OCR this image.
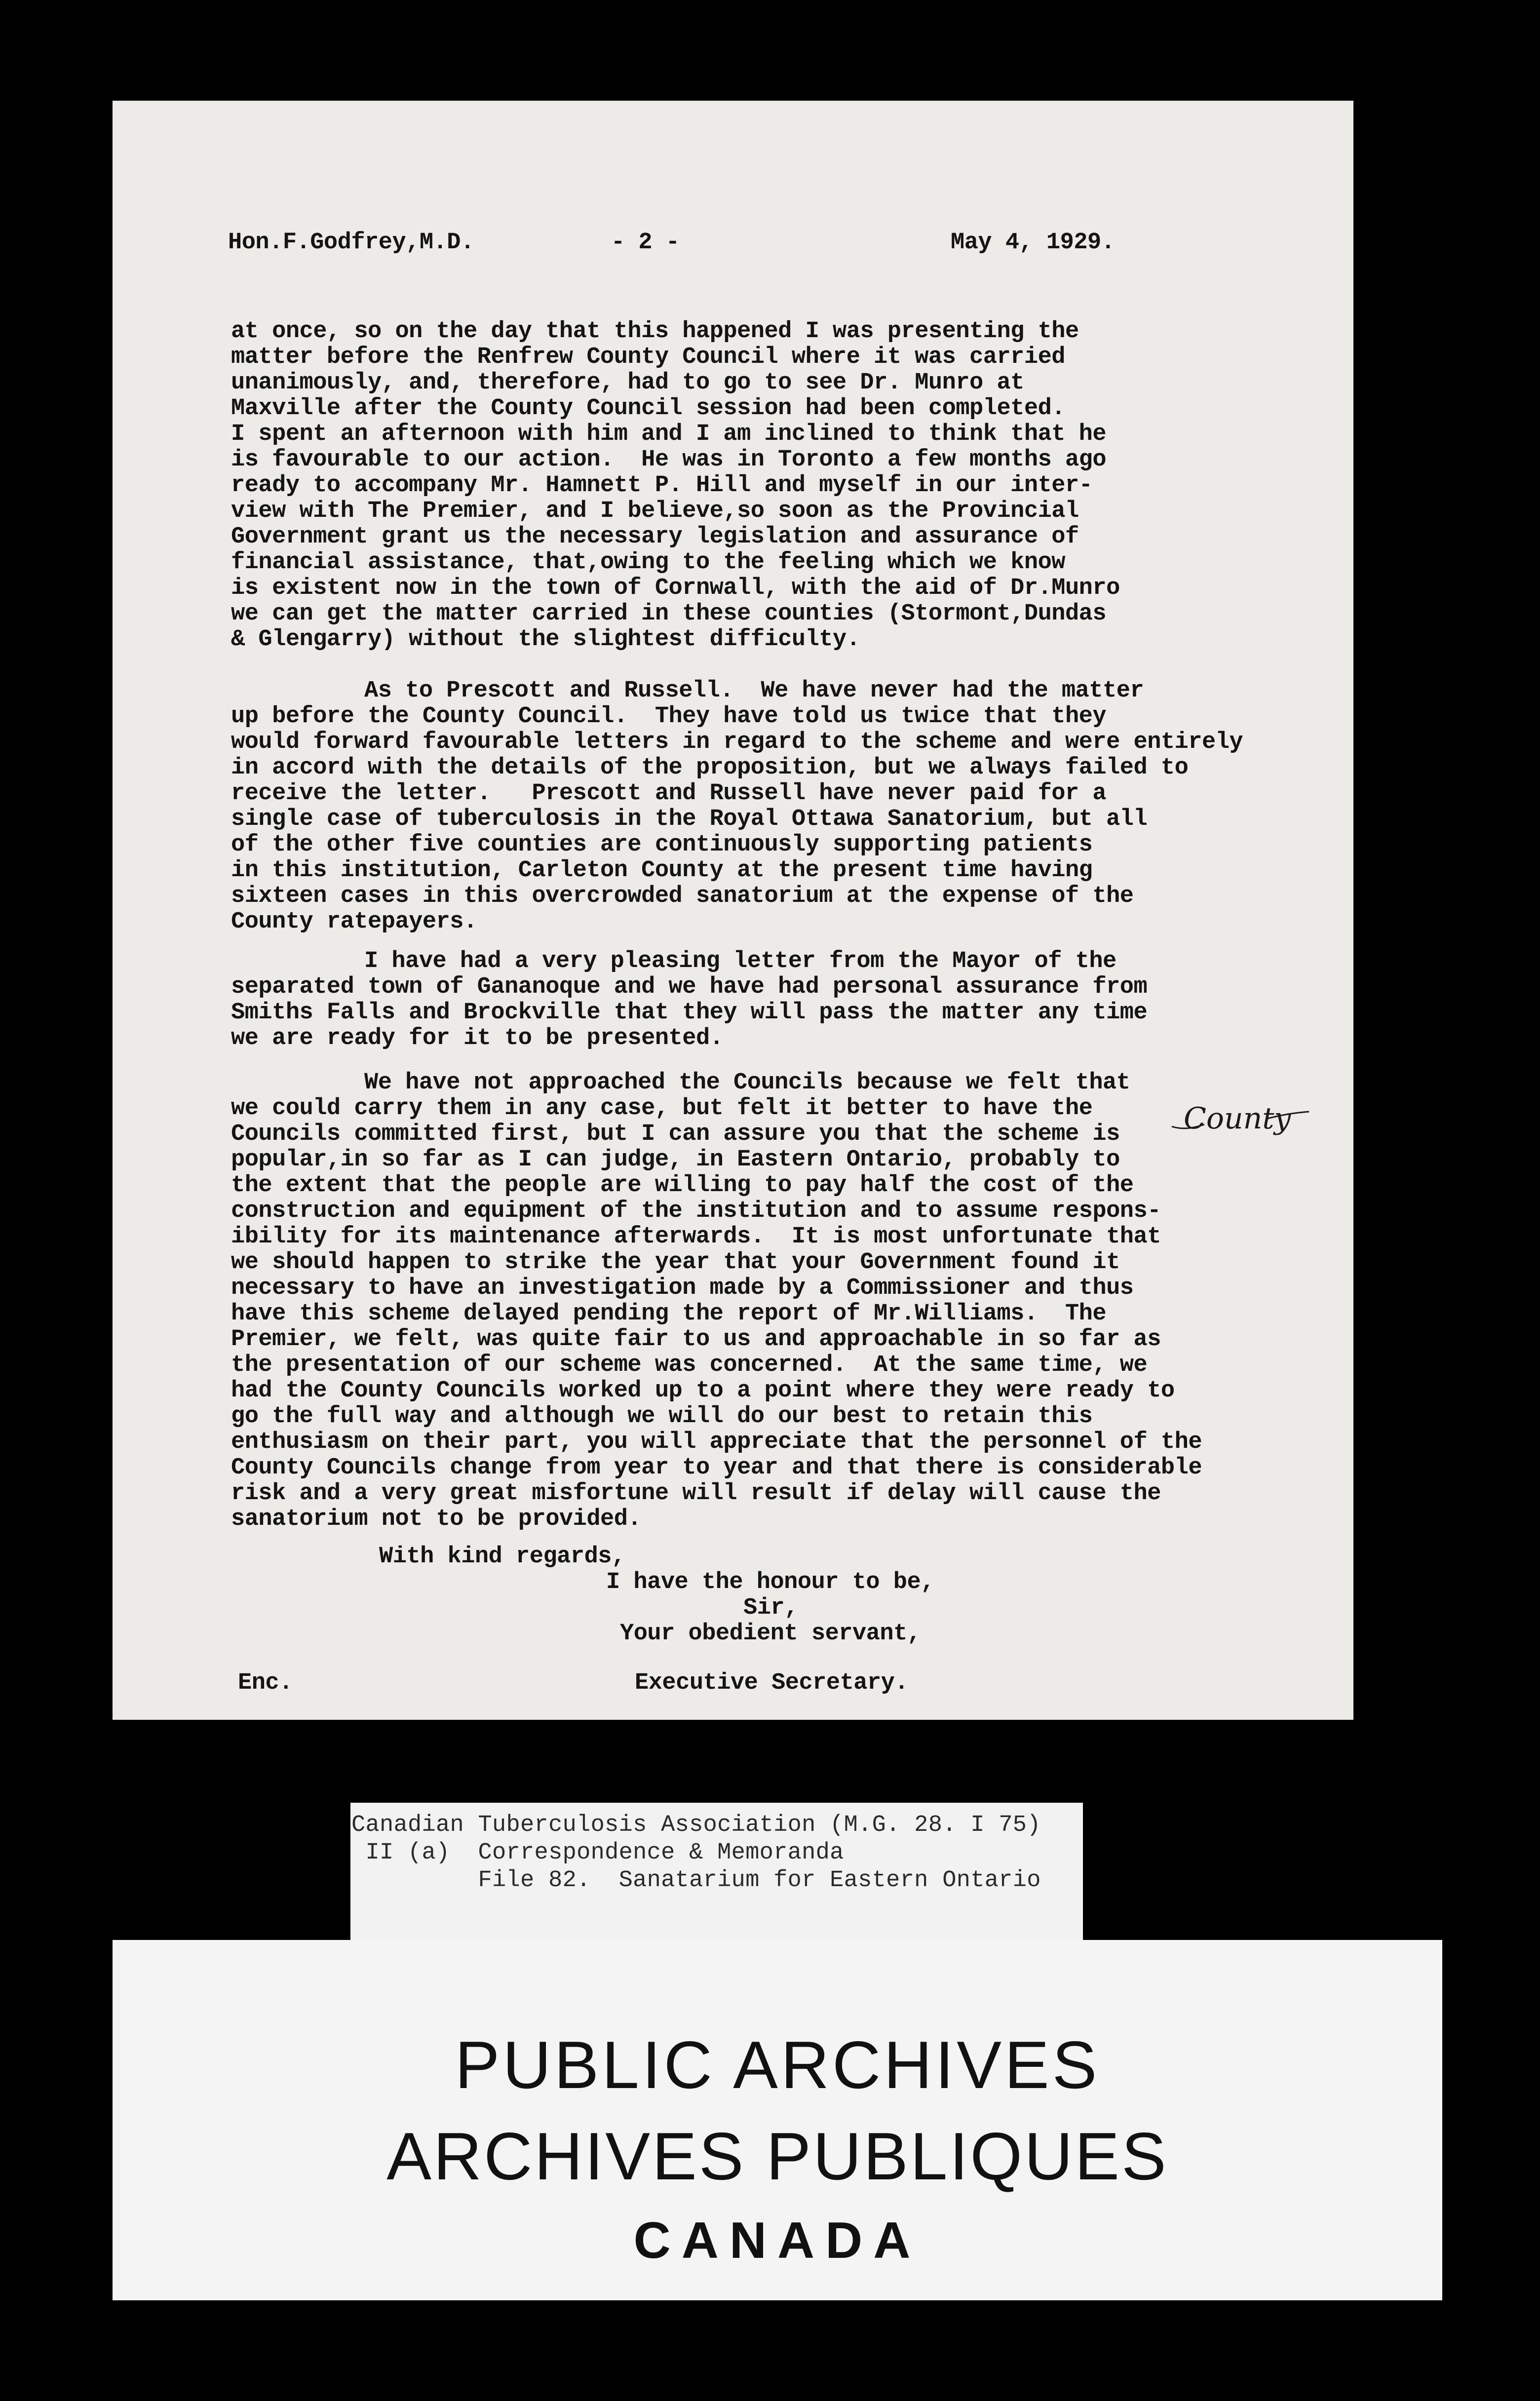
Hon.F.Godfrey,M.D.	- 2 -	May 4, 1929.
at once, so on the day that this happened I was presenting the
matter before the Renfrew County Council where it was carried
unanimously, and, therefore, had to go to see Dr. Munro at
Maxville after the County Council session had been completed.
I spent an afternoon with him and I am inclined to think that he
is favourable to our action.  He was in Toronto a few months ago
ready to accompany Mr. Hamnett P. Hill and myself in our inter-
view with The Premier, and I believe,so soon as the Provincial
Government grant us the necessary legislation and assurance of
financial assistance, that,owing to the feeling which we know
is existent now in the town of Cornwall, with the aid of Dr.Munro
we can get the matter carried in these counties (Stormont,Dundas
& Glengarry) without the slightest difficulty.
As to Prescott and Russell.  We have never had the matter
up before the County Council.  They have told us twice that they
would forward favourable letters in regard to the scheme and were entirely
in accord with the details of the proposition, but we always failed to
receive the letter.   Prescott and Russell have never paid for a
single case of tuberculosis in the Royal Ottawa Sanatorium, but all
of the other five counties are continuously supporting patients
in this institution, Carleton County at the present time having
sixteen cases in this overcrowded sanatorium at the expense of the
County ratepayers.
I have had a very pleasing letter from the Mayor of the
separated town of Gananoque and we have had personal assurance from
Smiths Falls and Brockville that they will pass the matter any time
we are ready for it to be presented.
We have not approached the Councils because we felt that
we could carry them in any case, but felt it better to have the
Councils committed first, but I can assure you that the scheme is
popular,in so far as I can judge, in Eastern Ontario, probably to
the extent that the people are willing to pay half the cost of the
construction and equipment of the institution and to assume respons-
ibility for its maintenance afterwards.  It is most unfortunate that
we should happen to strike the year that your Government found it
necessary to have an investigation made by a Commissioner and thus
have this scheme delayed pending the report of Mr.Williams.  The
Premier, we felt, was quite fair to us and approachable in so far as
the presentation of our scheme was concerned.  At the same time, we
had the County Councils worked up to a point where they were ready to
go the full way and although we will do our best to retain this
enthusiasm on their part, you will appreciate that the personnel of the
County Councils change from year to year and that there is considerable
risk and a very great misfortune will result if delay will cause the
sanatorium not to be provided.
County
With kind regards,
I have the honour to be,
Sir,
Your obedient servant,
Enc.	Executive Secretary.
Canadian Tuberculosis Association (M.G. 28. I 75)
II (a)  Correspondence & Memoranda
File 82.  Sanatarium for Eastern Ontario
PUBLIC ARCHIVES
ARCHIVES PUBLIQUES
CANADA
